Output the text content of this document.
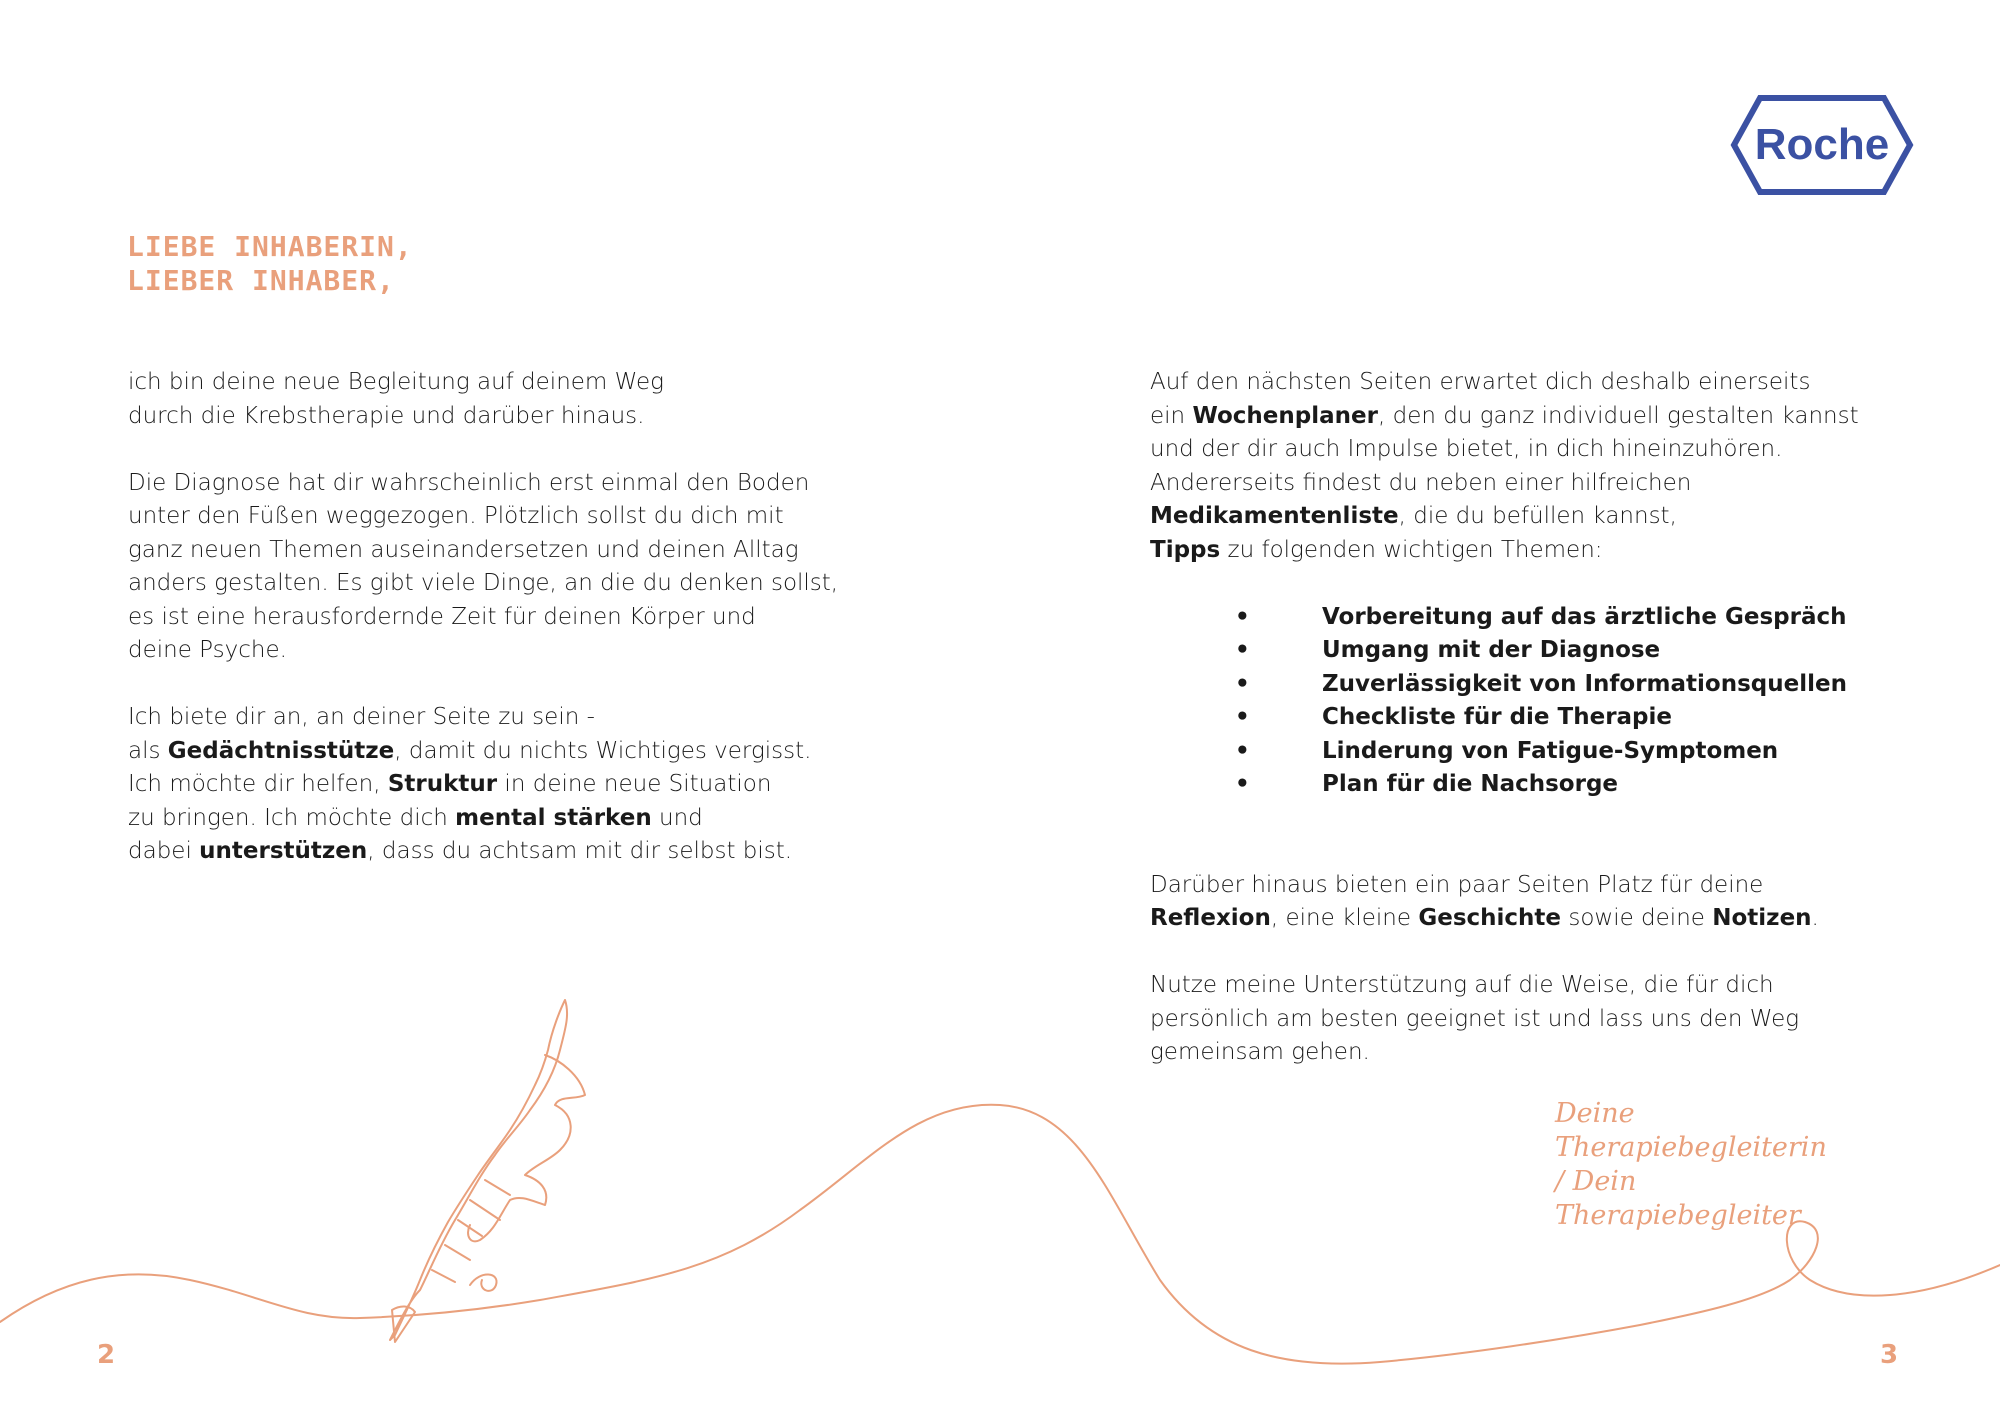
Roche
LIEBE INHABERIN,
LIEBER INHABER,

ich bin deine neue Begleitung auf deinem Weg
durch die Krebstherapie und darüber hinaus.

Die Diagnose hat dir wahrscheinlich erst einmal den Boden
unter den Füßen weggezogen. Plötzlich sollst du dich mit
ganz neuen Themen auseinandersetzen und deinen Alltag
anders gestalten. Es gibt viele Dinge, an die du denken sollst,
es ist eine herausfordernde Zeit für deinen Körper und
deine Psyche.

Ich biete dir an, an deiner Seite zu sein -
als Gedächtnisstütze, damit du nichts Wichtiges vergisst.
Ich möchte dir helfen, Struktur in deine neue Situation
zu bringen. Ich möchte dich mental stärken und
dabei unterstützen, dass du achtsam mit dir selbst bist.

Auf den nächsten Seiten erwartet dich deshalb einerseits
ein Wochenplaner, den du ganz individuell gestalten kannst
und der dir auch Impulse bietet, in dich hineinzuhören.
Andererseits findest du neben einer hilfreichen
Medikamentenliste, die du befüllen kannst,
Tipps zu folgenden wichtigen Themen:

•	Vorbereitung auf das ärztliche Gespräch
•	Umgang mit der Diagnose
•	Zuverlässigkeit von Informationsquellen
•	Checkliste für die Therapie
•	Linderung von Fatigue-Symptomen
•	Plan für die Nachsorge

Darüber hinaus bieten ein paar Seiten Platz für deine
Reflexion, eine kleine Geschichte sowie deine Notizen.

Nutze meine Unterstützung auf die Weise, die für dich
persönlich am besten geeignet ist und lass uns den Weg
gemeinsam gehen.

Deine Therapiebegleiterin
/ Dein Therapiebegleiter
2	3
